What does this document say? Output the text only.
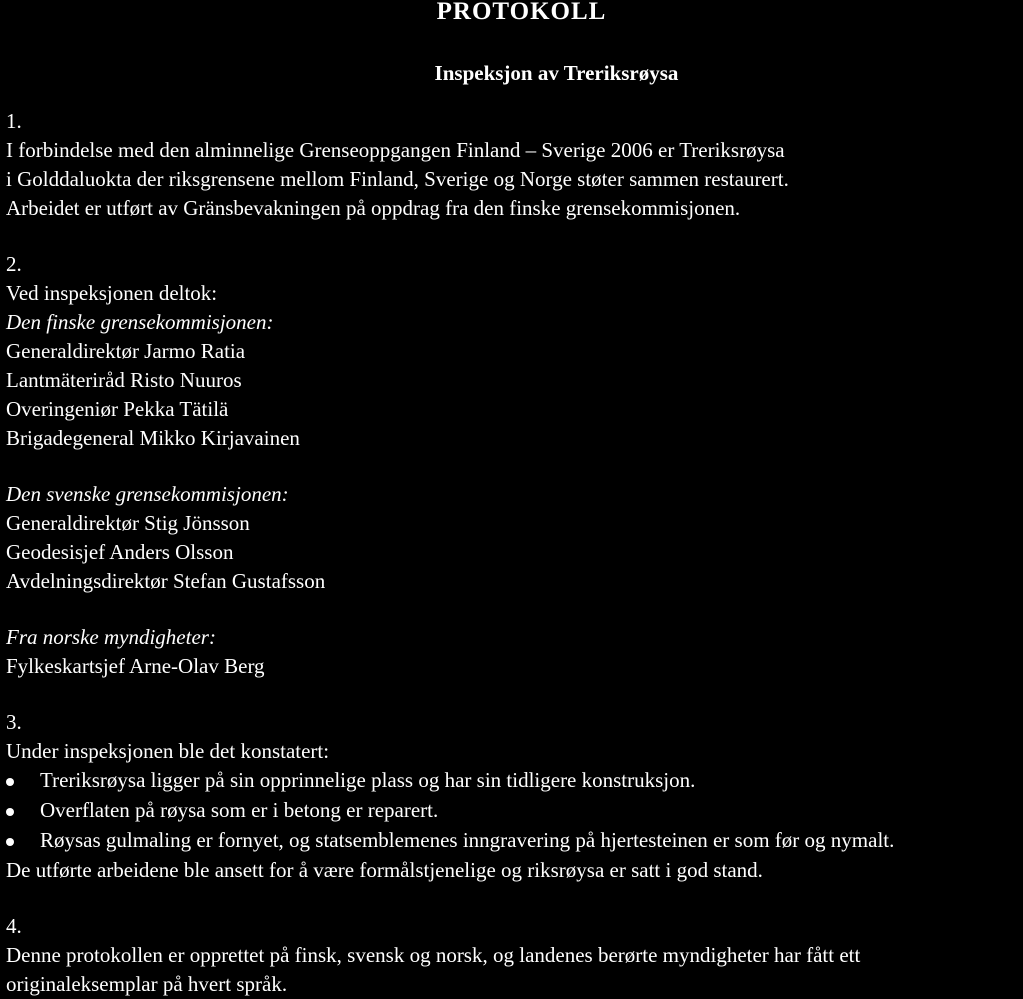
PROTOKOLL
Inspeksjon av Treriksrøysa
1.
I forbindelse med den alminnelige Grenseoppgangen Finland – Sverige 2006 er Treriksrøysa
i Golddaluokta der riksgrensene mellom Finland, Sverige og Norge støter sammen restaurert.
Arbeidet er utført av Gränsbevakningen på oppdrag fra den finske grensekommisjonen.
2.
Ved inspeksjonen deltok:
Den finske grensekommisjonen:
Generaldirektør Jarmo Ratia
Lantmäteriråd Risto Nuuros
Overingeniør Pekka Tätilä
Brigadegeneral Mikko Kirjavainen
Den svenske grensekommisjonen:
Generaldirektør Stig Jönsson
Geodesisjef Anders Olsson
Avdelningsdirektør Stefan Gustafsson
Fra norske myndigheter:
Fylkeskartsjef Arne-Olav Berg
3.
Under inspeksjonen ble det konstatert:
Treriksrøysa ligger på sin opprinnelige plass og har sin tidligere konstruksjon.
Overflaten på røysa som er i betong er reparert.
Røysas gulmaling er fornyet, og statsemblemenes inngravering på hjertesteinen er som før og nymalt.
De utførte arbeidene ble ansett for å være formålstjenelige og riksrøysa er satt i god stand.
4.
Denne protokollen er opprettet på finsk, svensk og norsk, og landenes berørte myndigheter har fått ett
originaleksemplar på hvert språk.
